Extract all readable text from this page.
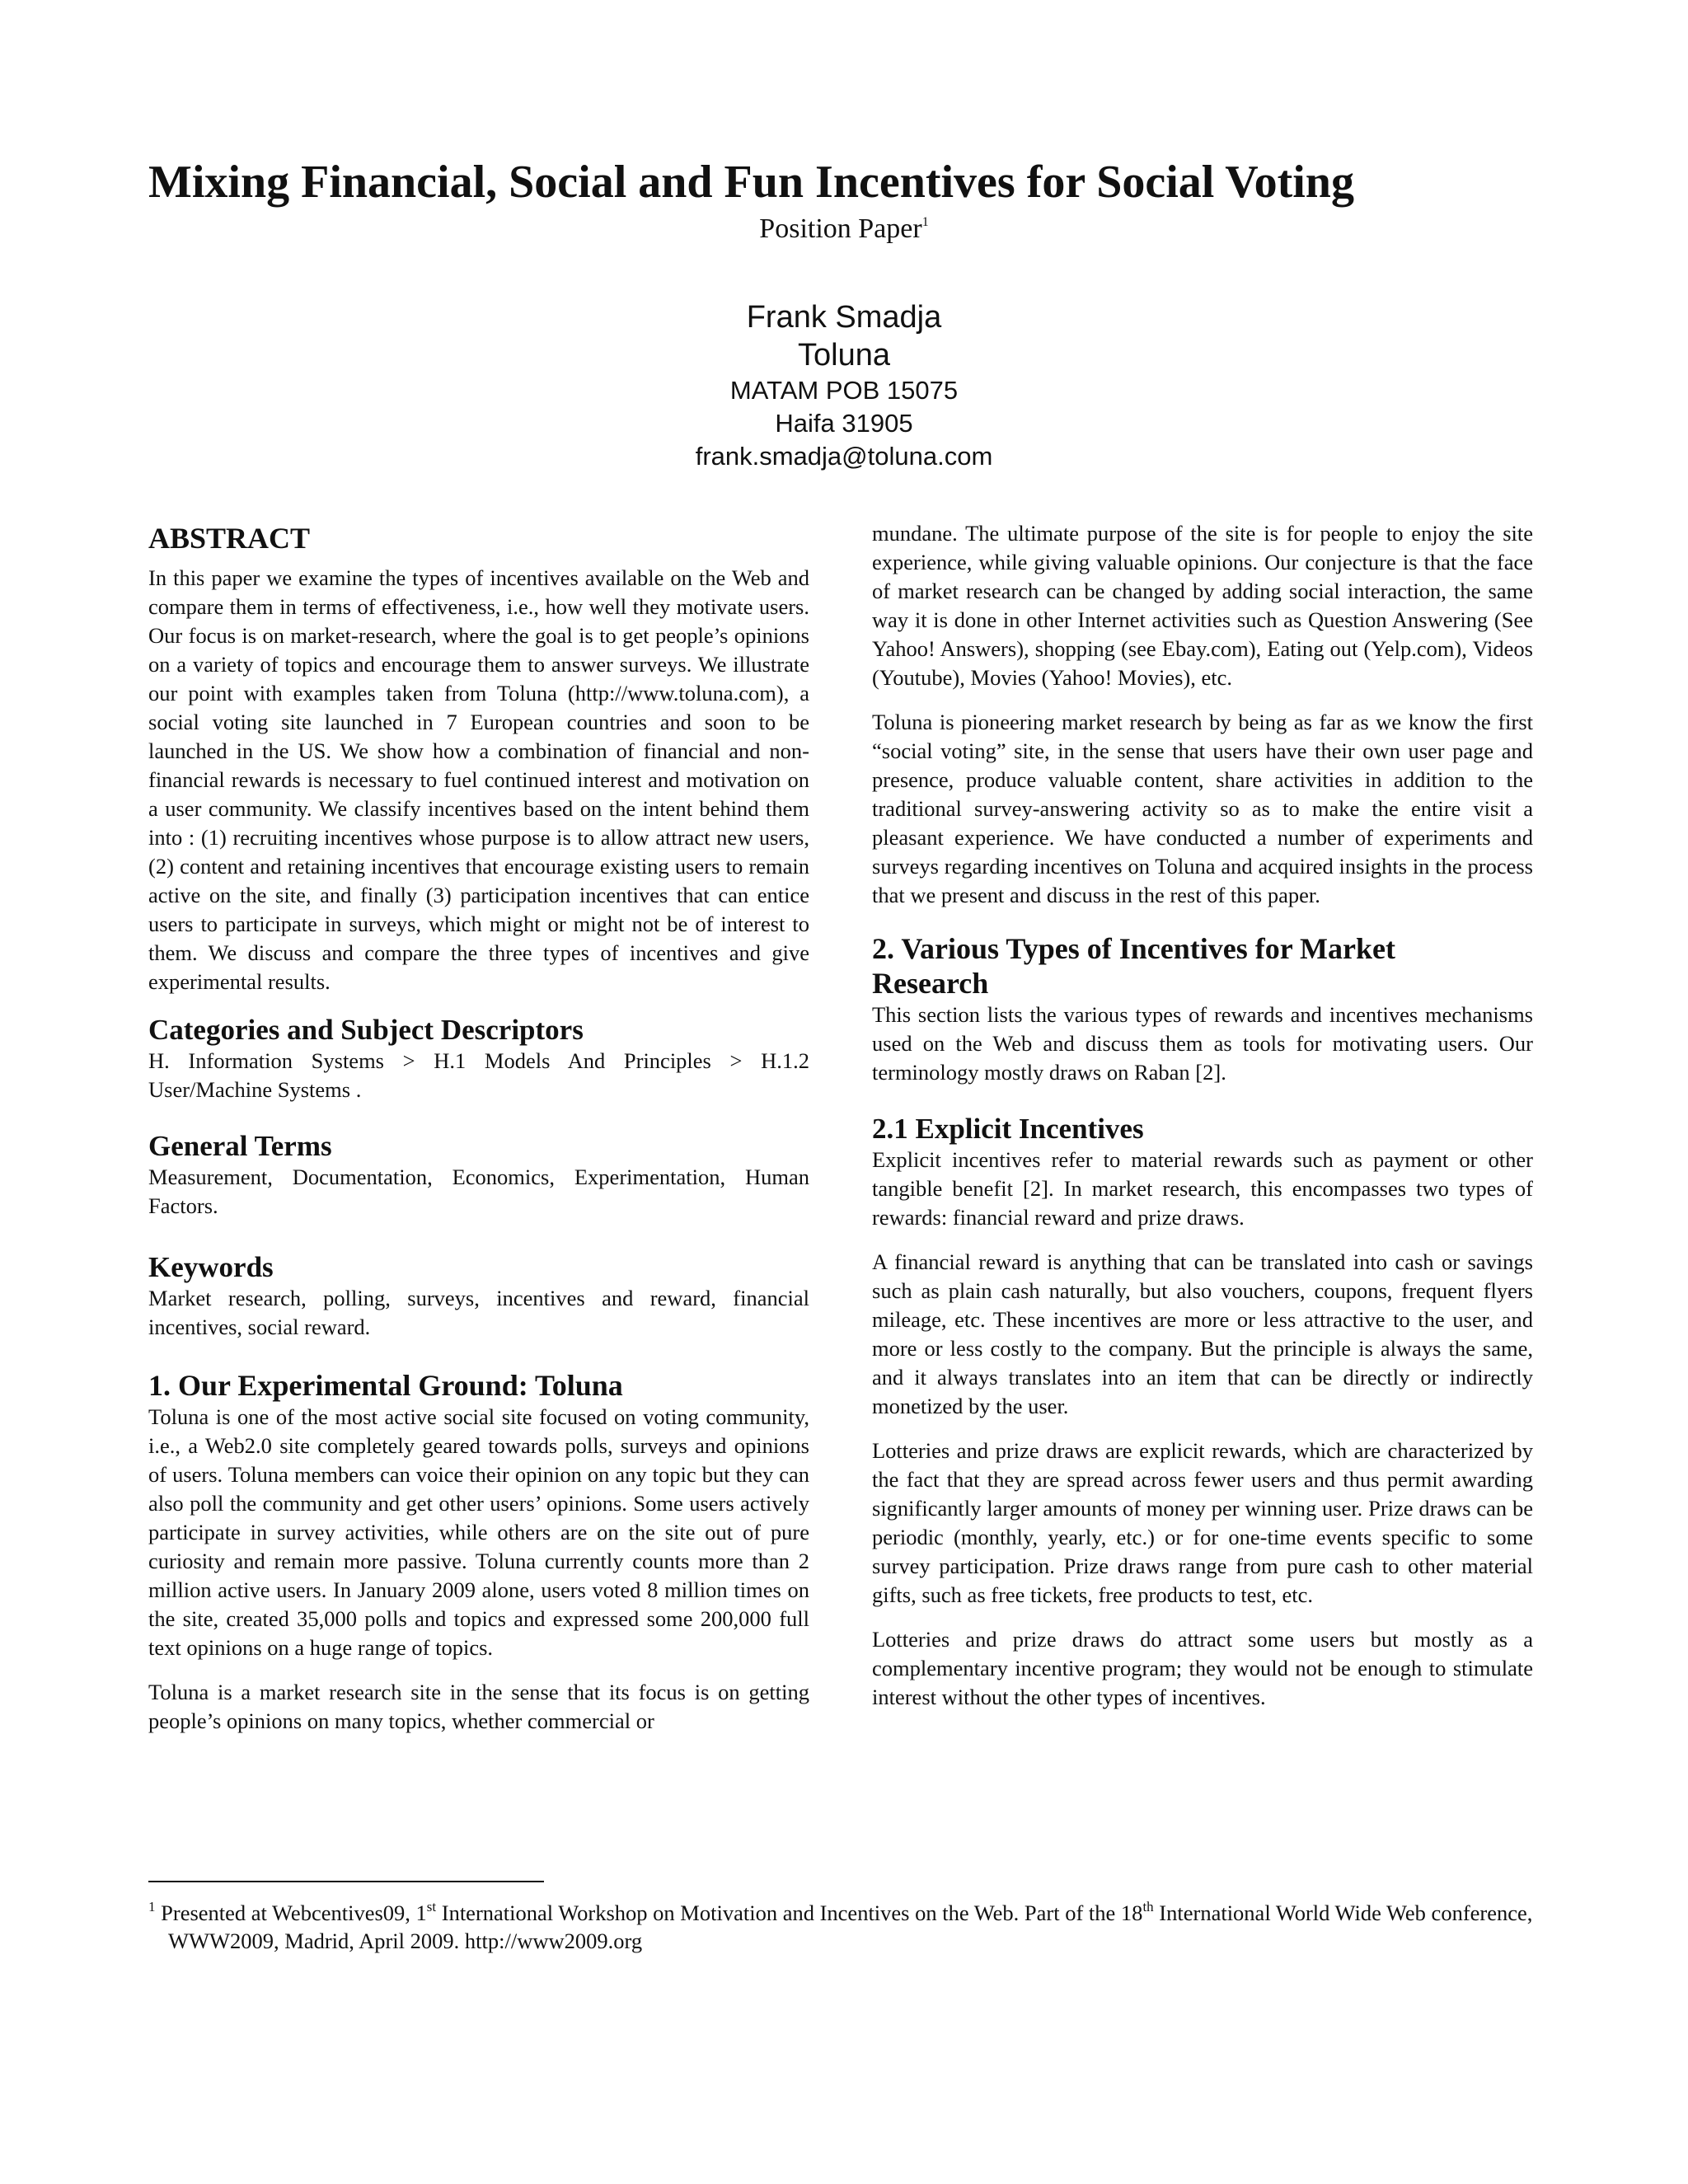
Mixing Financial, Social and Fun Incentives for Social Voting
Position Paper$^1$
Frank Smadja
Toluna
MATAM POB 15075
Haifa 31905
frank.smadja@toluna.com
ABSTRACT

In this paper we examine the types of incentives available on the Web and compare them in terms of effectiveness, i.e., how well they motivate users. Our focus is on market-research, where the goal is to get people’s opinions on a variety of topics and encourage them to answer surveys. We illustrate our point with examples taken from Toluna (http://www.toluna.com), a social voting site launched in 7 European countries and soon to be launched in the US. We show how a combination of financial and non-financial rewards is necessary to fuel continued interest and motivation on a user community. We classify incentives based on the intent behind them into : (1) recruiting incentives whose purpose is to allow attract new users, (2) content and retaining incentives that encourage existing users to remain active on the site, and finally (3) participation incentives that can entice users to participate in surveys, which might or might not be of interest to them. We discuss and compare the three types of incentives and give experimental results.

Categories and Subject Descriptors

H. Information Systems > H.1 Models And Principles > H.1.2 User/Machine Systems .

General Terms

Measurement, Documentation, Economics, Experimentation, Human Factors.

Keywords

Market research, polling, surveys, incentives and reward, financial incentives, social reward.

1. Our Experimental Ground: Toluna

Toluna is one of the most active social site focused on voting community, i.e., a Web2.0 site completely geared towards polls, surveys and opinions of users. Toluna members can voice their opinion on any topic but they can also poll the community and get other users’ opinions. Some users actively participate in survey activities, while others are on the site out of pure curiosity and remain more passive. Toluna currently counts more than 2 million active users. In January 2009 alone, users voted 8 million times on the site, created 35,000 polls and topics and expressed some 200,000 full text opinions on a huge range of topics.

Toluna is a market research site in the sense that its focus is on getting people’s opinions on many topics, whether commercial or

mundane. The ultimate purpose of the site is for people to enjoy the site experience, while giving valuable opinions. Our conjecture is that the face of market research can be changed by adding social interaction, the same way it is done in other Internet activities such as Question Answering (See Yahoo! Answers), shopping (see Ebay.com), Eating out (Yelp.com), Videos (Youtube), Movies (Yahoo! Movies), etc.

Toluna is pioneering market research by being as far as we know the first “social voting” site, in the sense that users have their own user page and presence, produce valuable content, share activities in addition to the traditional survey-answering activity so as to make the entire visit a pleasant experience. We have conducted a number of experiments and surveys regarding incentives on Toluna and acquired insights in the process that we present and discuss in the rest of this paper.

2. Various Types of Incentives for Market
Research

This section lists the various types of rewards and incentives mechanisms used on the Web and discuss them as tools for motivating users. Our terminology mostly draws on Raban [2].

2.1 Explicit Incentives

Explicit incentives refer to material rewards such as payment or other tangible benefit [2]. In market research, this encompasses two types of rewards: financial reward and prize draws.

A financial reward is anything that can be translated into cash or savings such as plain cash naturally, but also vouchers, coupons, frequent flyers mileage, etc. These incentives are more or less attractive to the user, and more or less costly to the company. But the principle is always the same, and it always translates into an item that can be directly or indirectly monetized by the user.

Lotteries and prize draws are explicit rewards, which are characterized by the fact that they are spread across fewer users and thus permit awarding significantly larger amounts of money per winning user. Prize draws can be periodic (monthly, yearly, etc.) or for one-time events specific to some survey participation. Prize draws range from pure cash to other material gifts, such as free tickets, free products to test, etc.

Lotteries and prize draws do attract some users but mostly as a complementary incentive program; they would not be enough to stimulate interest without the other types of incentives.

$^1$ Presented at Webcentives09, 1st International Workshop on Motivation and Incentives on the Web. Part of the 18th International World Wide Web conference, WWW2009, Madrid, April 2009. http://www2009.org
